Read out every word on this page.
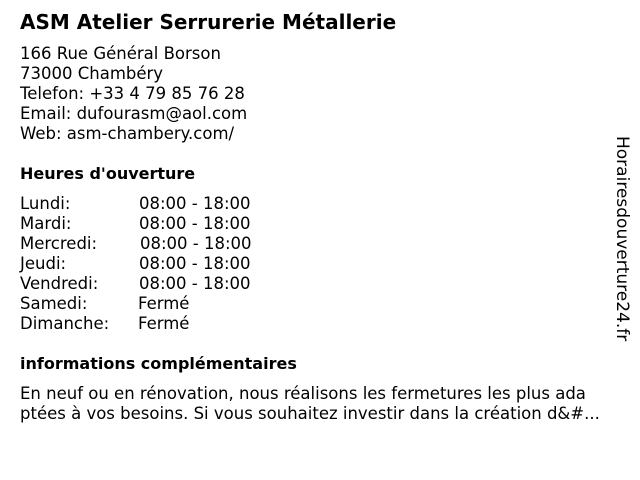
ASM Atelier Serrurerie Métallerie
166 Rue Général Borson
73000 Chambéry
Telefon: +33 4 79 85 76 28
Email: dufourasm@aol.com
Web: asm-chambery.com/
Heures d'ouverture
Lundi:	08:00 - 18:00
Mardi:	08:00 - 18:00
Mercredi:	08:00 - 18:00
Jeudi:	08:00 - 18:00
Vendredi: 08:00 - 18:00
Samedi:	Fermé
Dimanche: Fermé
informations complémentaires
En neuf ou en rénovation, nous réalisons les fermetures les plus ada
ptées à vos besoins. Si vous souhaitez investir dans la création d&#...
Horairesdouverture24.fr
